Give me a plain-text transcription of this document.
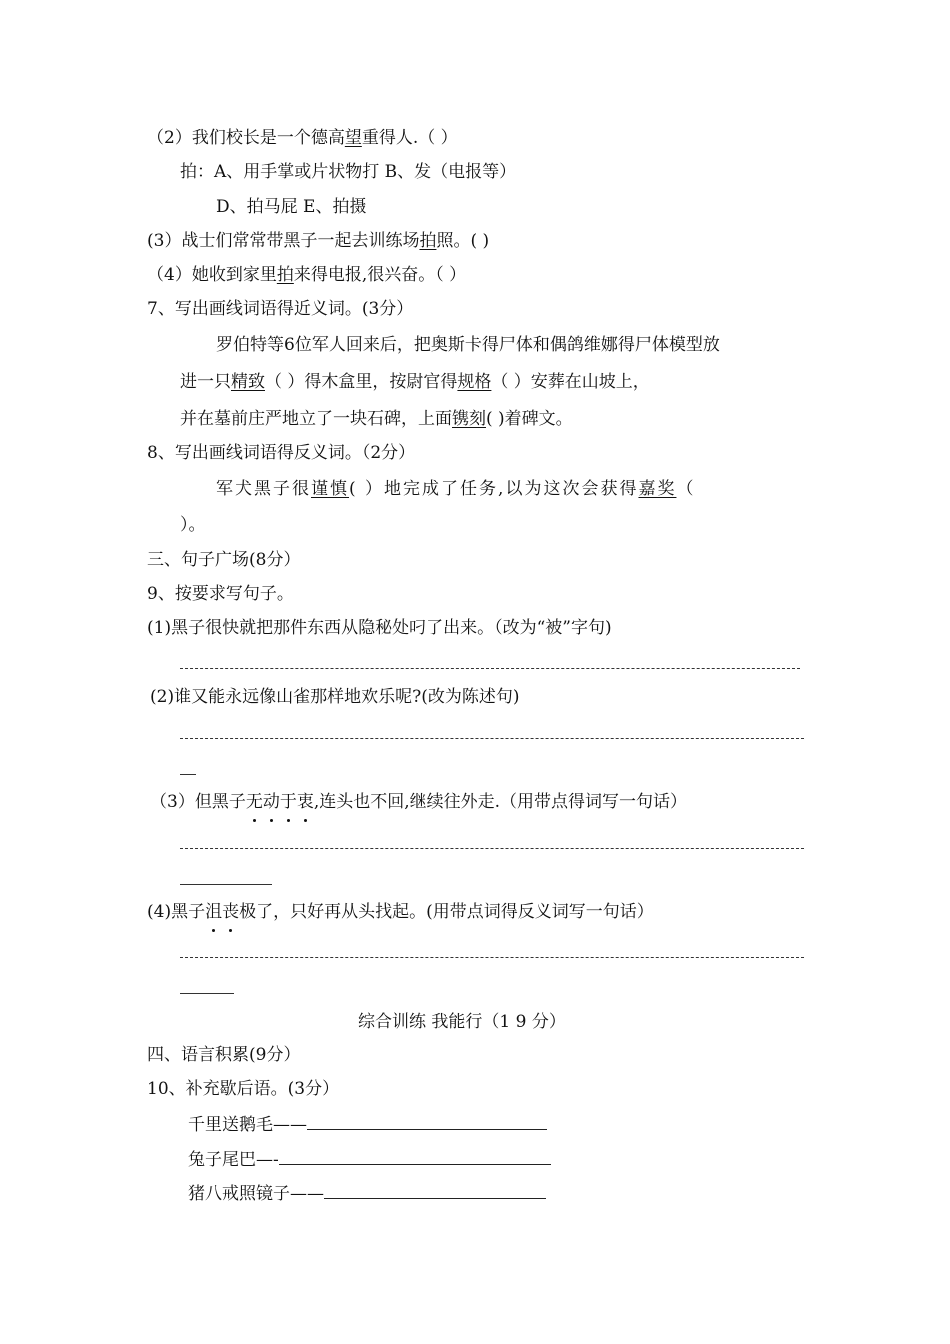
（2）我们校长是一个德高望重得人.（ ）
拍：A、用手掌或片状物打 B、发（电报等）
D、拍马屁 E、拍摄
(3）战士们常常带黑子一起去训练场拍照。( )
（4）她收到家里拍来得电报,很兴奋。（ ）
7、写出画线词语得近义词。(3分）
罗伯特等6位军人回来后，把奥斯卡得尸体和偶鸽维娜得尸体模型放
进一只精致（ ）得木盒里，按尉官得规格（ ）安葬在山坡上，
并在墓前庄严地立了一块石碑，上面镌刻( )着碑文。
8、写出画线词语得反义词。（2分）
军犬黑子很谨慎( ）地完成了任务,以为这次会获得嘉奖（
）。
三、句子广场(8分）
9、按要求写句子。
(1)黑子很快就把那件东西从隐秘处叼了出来。（改为“被”字句)
(2)谁又能永远像山雀那样地欢乐呢?(改为陈述句)
（3）但黑子无动于衷,连头也不回,继续往外走.（用带点得词写一句话）
(4)黑子沮丧极了，只好再从头找起。(用带点词得反义词写一句话）
综合训练 我能行（1 9 分）
四、语言积累(9分）
10、补充歇后语。(3分）
千里送鹅毛——
兔子尾巴—-
猪八戒照镜子——
